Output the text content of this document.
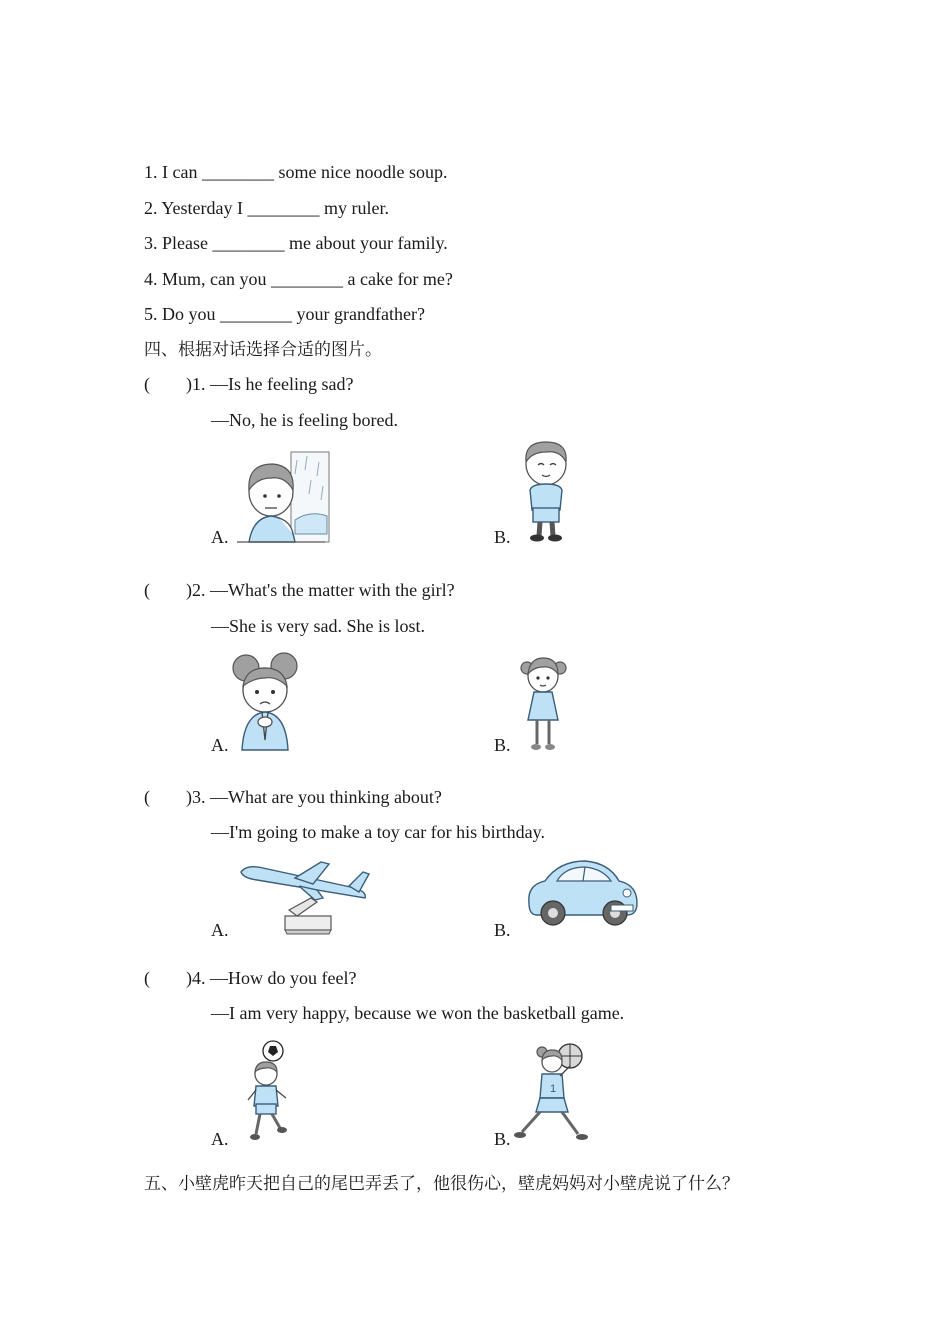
1. I can ________ some nice noodle soup.
2. Yesterday I ________ my ruler.
3. Please ________ me about your family.
4. Mum, can you ________ a cake for me?
5. Do you ________ your grandfather?
四、根据对话选择合适的图片。
(        )1. —Is he feeling sad?
—No, he is feeling bored.
A.	B.
(        )2. —What's the matter with the girl?
—She is very sad. She is lost.
A.	B.
(        )3. —What are you thinking about?
—I'm going to make a toy car for his birthday.
A.	B.
(        )4. —How do you feel?
—I am very happy, because we won the basketball game.
A.	B.
1
五、小壁虎昨天把自己的尾巴弄丢了，他很伤心，壁虎妈妈对小壁虎说了什么？
